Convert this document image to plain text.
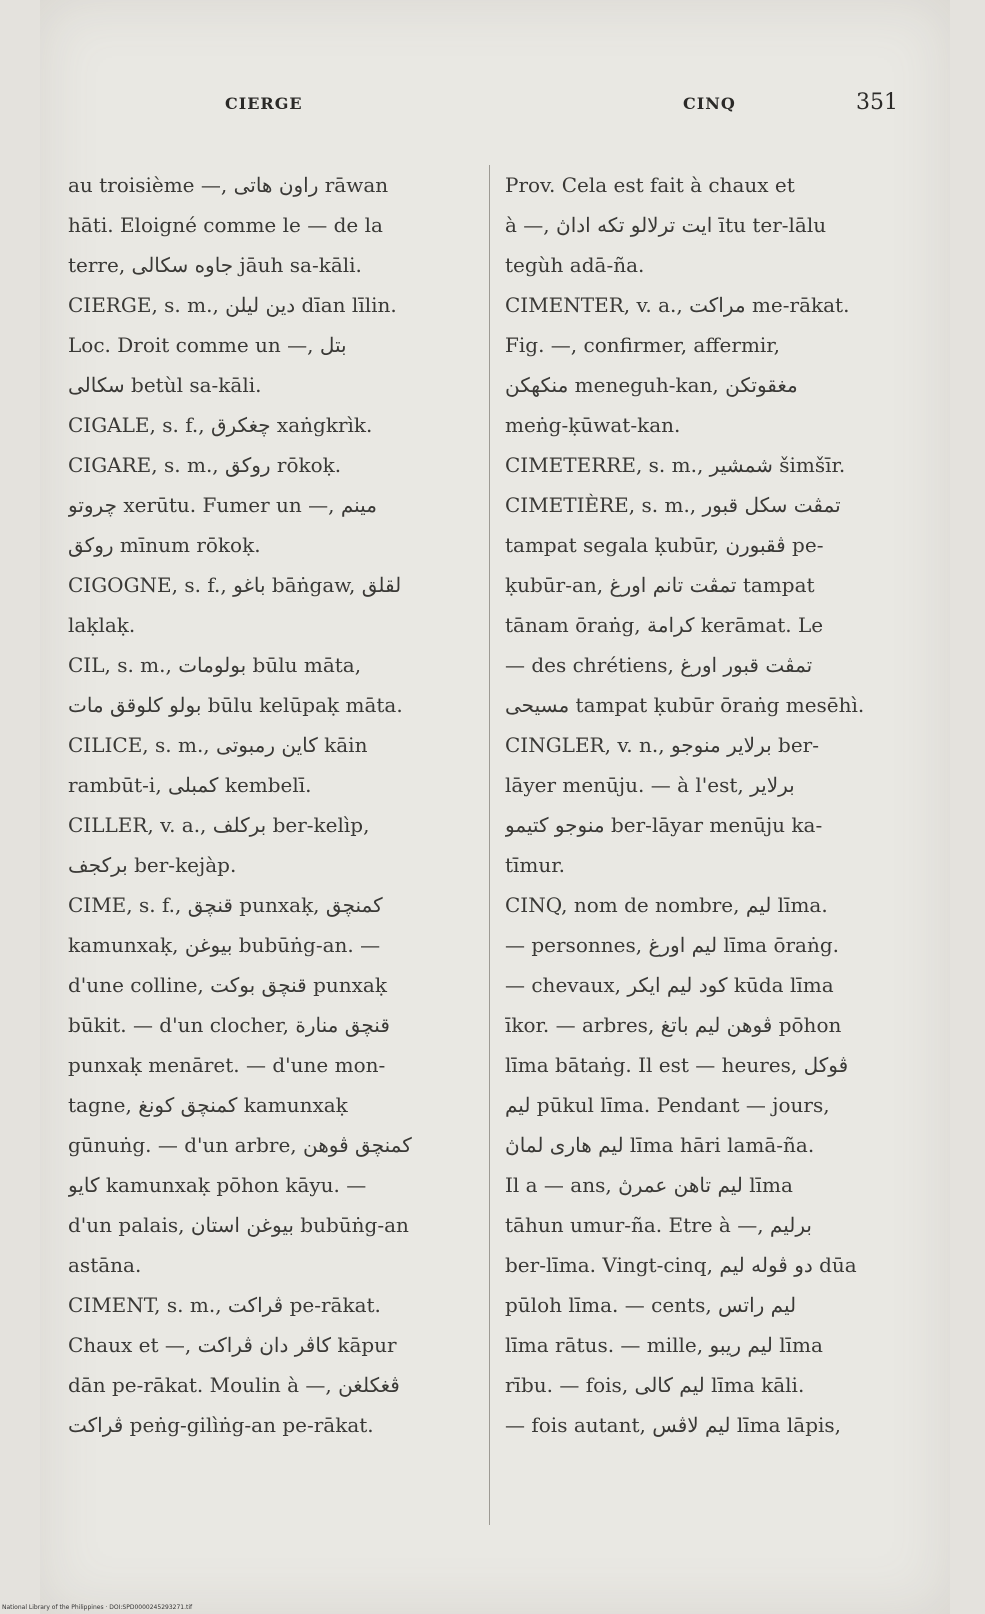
CIERGE	CINQ	351
au troisième —, راون هاتى rāwan
hāti. Eloigné comme le — de la
terre, جاوه سكالى jāuh sa-kāli.
CIERGE, s. m., دين ليلن dīan līlin.
Loc. Droit comme un —, بتل
سكالى betùl sa-kāli.
CIGALE, s. f., چغكرق xaṅgkrìk.
CIGARE, s. m., روكق rōkoḳ.
چروتو xerūtu. Fumer un —, مينم
روكق mīnum rōkoḳ.
CIGOGNE, s. f., باغو bāṅgaw, لقلق
laḳlaḳ.
CIL, s. m., بولومات būlu māta,
بولو كلوقق مات būlu kelūpaḳ māta.
CILICE, s. m., كاين رمبوتى kāin
rambūt-i, كمبلى kembelī.
CILLER, v. a., بركلف ber-kelìp,
بركجف ber-kejàp.
CIME, s. f., قنچق punxaḳ, كمنچق
kamunxaḳ, بيوغن bubūṅg-an. —
d'une colline, قنچق بوكت punxaḳ
būkit. — d'un clocher, قنچق منارة
punxaḳ menāret. — d'une mon-
tagne, كمنچق كونغ kamunxaḳ
gūnuṅg. — d'un arbre, كمنچق ڤوهن
كايو kamunxaḳ pōhon kāyu. —
d'un palais, بيوغن استان bubūṅg-an
astāna.
CIMENT, s. m., ڤراكت pe-rākat.
Chaux et —, كاڤر دان ڤراكت kāpur
dān pe-rākat. Moulin à —, ڤغكلغن
ڤراكت peṅg-gilìṅg-an pe-rākat.
Prov. Cela est fait à chaux et
à —, ايت ترلالو تكه اداڽ ītu ter-lālu
tegùh adā-ña.
CIMENTER, v. a., مراكت me-rākat.
Fig. —, confirmer, affermir,
منكهكن meneguh-kan, مغقوتكن
meṅg-ḳūwat-kan.
CIMETERRE, s. m., شمشير šimšīr.
CIMETIÈRE, s. m., تمڤت سكل قبور
tampat segala ḳubūr, ڤقبورن pe-
ḳubūr-an, تمڤت تانم اورغ tampat
tānam ōraṅg, كرامة kerāmat. Le
— des chrétiens, تمڤت قبور اورغ
مسيحى tampat ḳubūr ōraṅg mesēhì.
CINGLER, v. n., برلاير منوجو ber-
lāyer menūju. — à l'est, برلاير
منوجو كتيمو ber-lāyar menūju ka-
tīmur.
CINQ, nom de nombre, ليم līma.
— personnes, ليم اورغ līma ōraṅg.
— chevaux, كود ليم ايكر kūda līma
īkor. — arbres, ڤوهن ليم باتغ pōhon
līma bātaṅg. Il est — heures, ڤوكل
ليم pūkul līma. Pendant — jours,
ليم هارى لماڽ līma hāri lamā-ña.
Il a — ans, ليم تاهن عمرڽ līma
tāhun umur-ña. Etre à —, برليم
ber-līma. Vingt-cinq, دو ڤوله ليم dūa
pūloh līma. — cents, ليم راتس
līma rātus. — mille, ليم ريبو līma
rību. — fois, ليم كالى līma kāli.
— fois autant, ليم لاڤس līma lāpis,
National Library of the Philippines · DOI:SPD0000245293271.tif
